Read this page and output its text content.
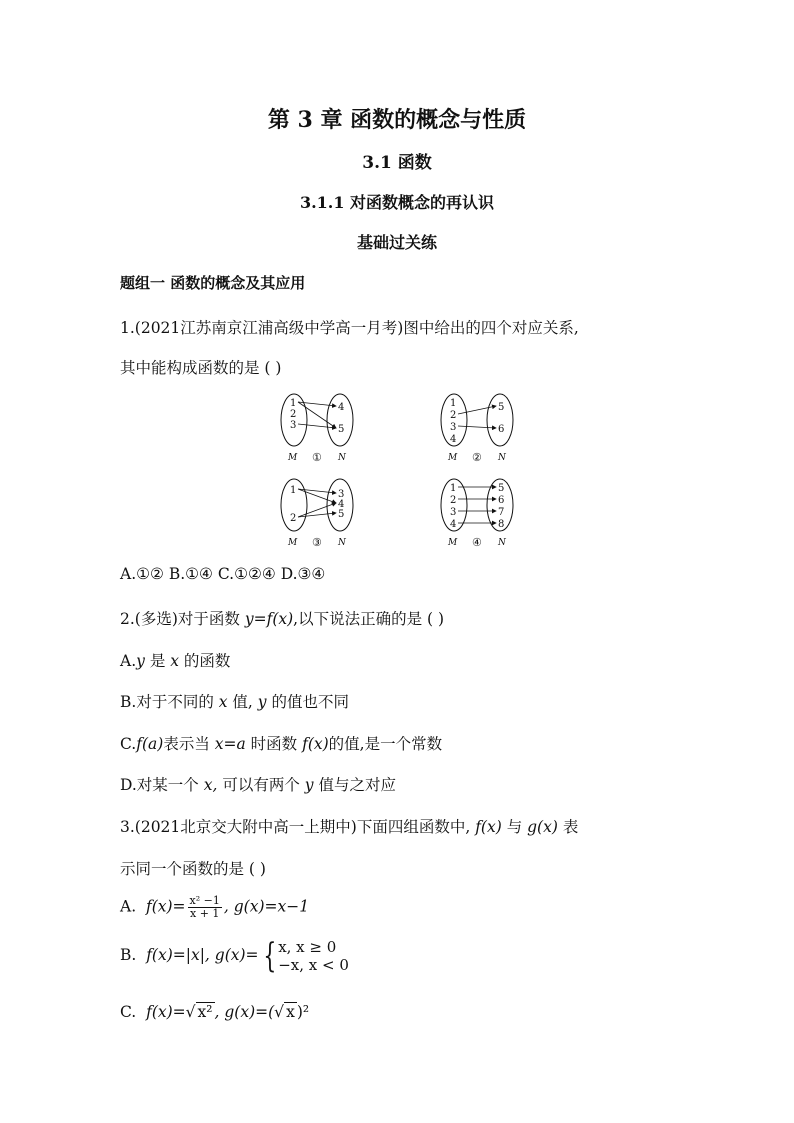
第 3 章 函数的概念与性质
3.1 函数
3.1.1 对函数概念的再认识
基础过关练
题组一 函数的概念及其应用
1.(2021江苏南京江浦高级中学高一月考)图中给出的四个对应关系,
其中能构成函数的是 ( )
1
2
3
4
5
M	N
①
1
2
3
4
5
6
M	N
②
1
2
3
4
5
M	N
③
1
2
3
4
5
6
7
8
M	N
④
A.①② B.①④ C.①②④ D.③④
2.(多选)对于函数 y=f(x),以下说法正确的是 ( )
A.y 是 x 的函数
B.对于不同的 x 值, y 的值也不同
C.f(a)表示当 x=a 时函数 f(x)的值,是一个常数
D.对某一个 x, 可以有两个 y 值与之对应
3.(2021北京交大附中高一上期中)下面四组函数中, f(x) 与 g(x) 表
示同一个函数的是 ( )
A. $f(x)= \frac{\text{x² −1}}{x + 1}$ , g(x)=x−1
B. f(x)=|x|, g(x)= { x, x ≥ 0
−x, x < 0
C. f(x)=√ x² , g(x)=(√ x )²
